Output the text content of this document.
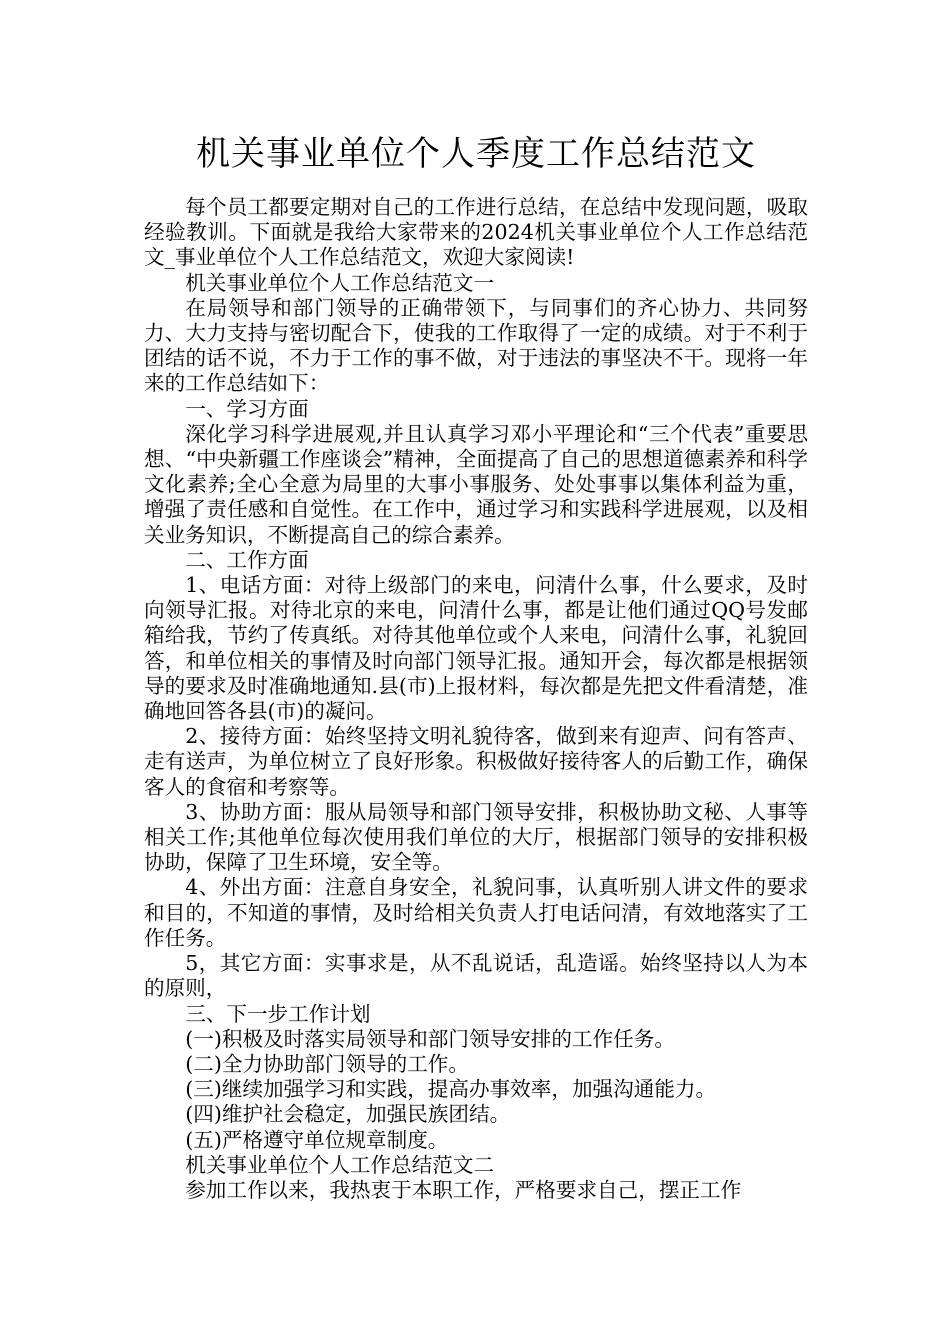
机关事业单位个人季度工作总结范文

每个员工都要定期对自己的工作进行总结，在总结中发现问题，吸取经验教训。下面就是我给大家带来的2024机关事业单位个人工作总结范文_事业单位个人工作总结范文，欢迎大家阅读!

机关事业单位个人工作总结范文一

在局领导和部门领导的正确带领下，与同事们的齐心协力、共同努力、大力支持与密切配合下，使我的工作取得了一定的成绩。对于不利于团结的话不说，不力于工作的事不做，对于违法的事坚决不干。现将一年来的工作总结如下：

一、学习方面

深化学习科学进展观,并且认真学习邓小平理论和“三个代表”重要思想、“中央新疆工作座谈会”精神，全面提高了自己的思想道德素养和科学文化素养;全心全意为局里的大事小事服务、处处事事以集体利益为重，增强了责任感和自觉性。在工作中，通过学习和实践科学进展观，以及相关业务知识，不断提高自己的综合素养。

二、工作方面

1、电话方面：对待上级部门的来电，问清什么事，什么要求，及时向领导汇报。对待北京的来电，问清什么事，都是让他们通过QQ号发邮箱给我，节约了传真纸。对待其他单位或个人来电，问清什么事，礼貌回答，和单位相关的事情及时向部门领导汇报。通知开会，每次都是根据领导的要求及时准确地通知.县(市)上报材料，每次都是先把文件看清楚，准确地回答各县(市)的凝问。

2、接待方面：始终坚持文明礼貌待客，做到来有迎声、问有答声、走有送声，为单位树立了良好形象。积极做好接待客人的后勤工作，确保客人的食宿和考察等。

3、协助方面：服从局领导和部门领导安排，积极协助文秘、人事等相关工作;其他单位每次使用我们单位的大厅，根据部门领导的安排积极协助，保障了卫生环境，安全等。

4、外出方面：注意自身安全，礼貌问事，认真听别人讲文件的要求和目的，不知道的事情，及时给相关负责人打电话问清，有效地落实了工作任务。

5，其它方面：实事求是，从不乱说话，乱造谣。始终坚持以人为本的原则，

三、下一步工作计划

(一)积极及时落实局领导和部门领导安排的工作任务。

(二)全力协助部门领导的工作。

(三)继续加强学习和实践，提高办事效率，加强沟通能力。

(四)维护社会稳定，加强民族团结。

(五)严格遵守单位规章制度。

机关事业单位个人工作总结范文二

参加工作以来，我热衷于本职工作，严格要求自己，摆正工作
